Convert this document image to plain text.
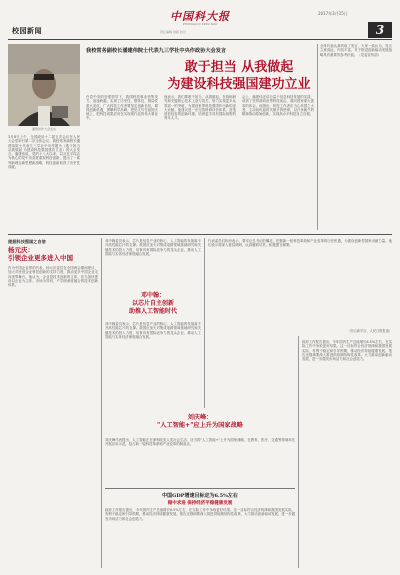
中国科大报
ZHONGGUO KEDA BAO
2017年3月15日
校园新闻	3
责任编辑 排版 校对
潘建伟作大会发言
我校常务副校长潘建伟院士代表九三学社中央作政协大会发言
敢于担当 从我做起
为建设科技强国建功立业
3月8日上午，全国政协十二届五次会议在人民大会堂举行第二次全体会议，我校常务副校长潘建伟院士代表九三学社中央作题为《敢于担当 从我做起 为建设科技强国建功立业》的大会发言。潘建伟说，党的十八大以来，以习近平同志为核心的党中央高度重视科技创新，提出了一系列新理念新思想新战略，科技创新取得了历史性成就。
在党中央的坚强领导下，我国科技事业密集发力、加速跨越，实现了历史性、整体性、格局性重大变化。广大科技工作者要坚定创新自信，紧抓创新机遇，勇攀科学高峰，把论文写在祖国大地上，把科技成果应用在实现现代化的伟大事业中。
他表示，我们要敢于担当，从我做起，在基础研究和关键核心技术上奋力攻关，努力实现更多从零到一的突破，为建设世界科技强国作出新的更大贡献。他建议进一步完善科研评价体系，营造宽松包容的创新环境，培养更多具有国际视野的青年人才。
会上，潘建伟还结合量子信息科技发展的实践，谈到了坚持面向世界科技前沿、面向国家重大需求的体会。他指出，科技工作者应当心怀国之大者，主动肩负起时代赋予的使命，以只争朝夕的精神推动原始创新，实现高水平科技自立自强。
全体代表认真听取了发言，大家一致认为，发言立意高远、内容丰富，对于推进创新驱动发展战略具有重要的参考价值。（党委宣传部）
提振科技强国之自信
杨元庆：
引领企业更多进入中国
作为中国企业界的代表，杨元庆委员在全国两会期间建议，加大对民营企业科技创新的支持力度，推动更多中国企业走向世界舞台。他认为，企业是技术创新的主体，应当加快建设以企业为主体、市场为导向、产学研深度融合的技术创新体系。
邓中翰委员表示，芯片是信息产业的核心，人工智能的发展离不开高性能芯片的支撑。我国应加大对集成电路领域基础研究和关键技术的投入力度，培育具有国际竞争力的龙头企业，推动人工智能与实体经济深度融合发展。
邓中翰：
以芯片自主创新
助推人工智能时代
邓中翰委员表示，芯片是信息产业的核心，人工智能的发展离不开高性能芯片的支撑。我国应加大对集成电路领域基础研究和关键技术的投入力度，培育具有国际竞争力的龙头企业，推动人工智能与实体经济深度融合发展。
刘庆峰：
"人工智能+"应上升为国家战略
刘庆峰代表提出，人工智能正在深刻改变人类社会生活，应当将"人工智能+"上升为国家战略，在教育、医疗、交通等领域率先开展应用示范，抢占新一轮科技革命和产业变革的制高点。
代表委员们纷纷表示，要牢记总书记的嘱托，把握新一轮科技革命和产业变革的历史机遇，为建设创新型国家贡献力量。他们表示将深入基层调研，认真履职尽责，积极建言献策。
（综合新华社、人民日报报道）
中国GDP增速目标定为6.5%左右
稳中求进 保持经济平稳健康发展
政府工作报告提出，今年国内生产总值增长6.5%左右，在实际工作中争取更好结果。这一目标符合经济规律和我国发展实际，有利于稳定和引导预期，推动经济持续健康发展。报告还强调要深入推进供给侧结构性改革，大力推动创新驱动发展，进一步激发市场活力和社会创造力。
政府工作报告提出，今年国内生产总值增长6.5%左右，在实际工作中争取更好结果。这一目标符合经济规律和我国发展实际，有利于稳定和引导预期，推动经济持续健康发展。报告还强调要深入推进供给侧结构性改革，大力推动创新驱动发展，进一步激发市场活力和社会创造力。
